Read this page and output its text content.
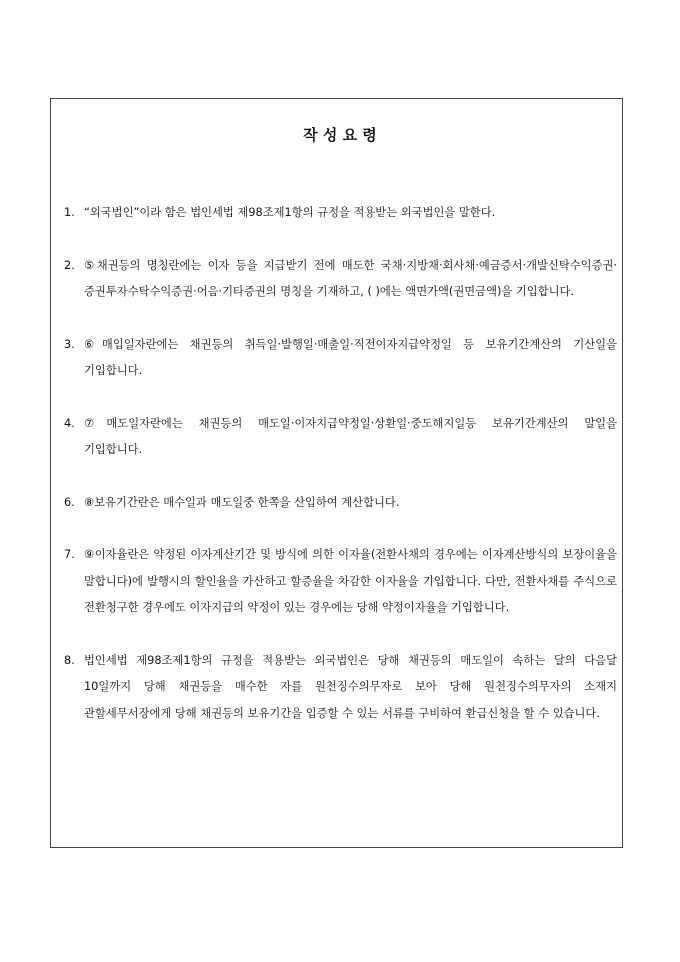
작 성 요 령
1. “외국법인”이라 함은 법인세법 제98조제1항의 규정을 적용받는 외국법인을 말한다.
2. ⑤채권등의 명칭란에는 이자 등을 지급받기 전에 매도한 국채·지방채·회사채·예금증서·개발신탁수익증권·증권투자수탁수익증권·어음·기타증권의 명칭을 기재하고, ( )에는 액면가액(권면금액)을 기입합니다.
3. ⑥매입일자란에는 채권등의 취득일·발행일·매출일·직전이자지급약정일 등 보유기간계산의 기산일을 기입합니다.
4. ⑦매도일자란에는 채권등의 매도일·이자지급약정일·상환일·중도해지일등 보유기간계산의 말일을 기입합니다.
6. ⑧보유기간란은 매수일과 매도일중 한쪽을 산입하여 계산합니다.
7. ⑨이자율란은 약정된 이자계산기간 및 방식에 의한 이자율(전환사채의 경우에는 이자계산방식의 보장이율을 말합니다)에 발행시의 할인율을 가산하고 할증율을 차감한 이자율을 기입합니다. 다만, 전환사채를 주식으로 전환청구한 경우에도 이자지급의 약정이 있는 경우에는 당해 약정이자율을 기입합니다.
8. 법인세법 제98조제1항의 규정을 적용받는 외국법인은 당해 채권등의 매도일이 속하는 달의 다음달 10일까지 당해 채권등을 매수한 자를 원천징수의무자로 보아 당해 원천징수의무자의 소재지 관할세무서장에게 당해 채권등의 보유기간을 입증할 수 있는 서류를 구비하여 환급신청을 할 수 있습니다.
